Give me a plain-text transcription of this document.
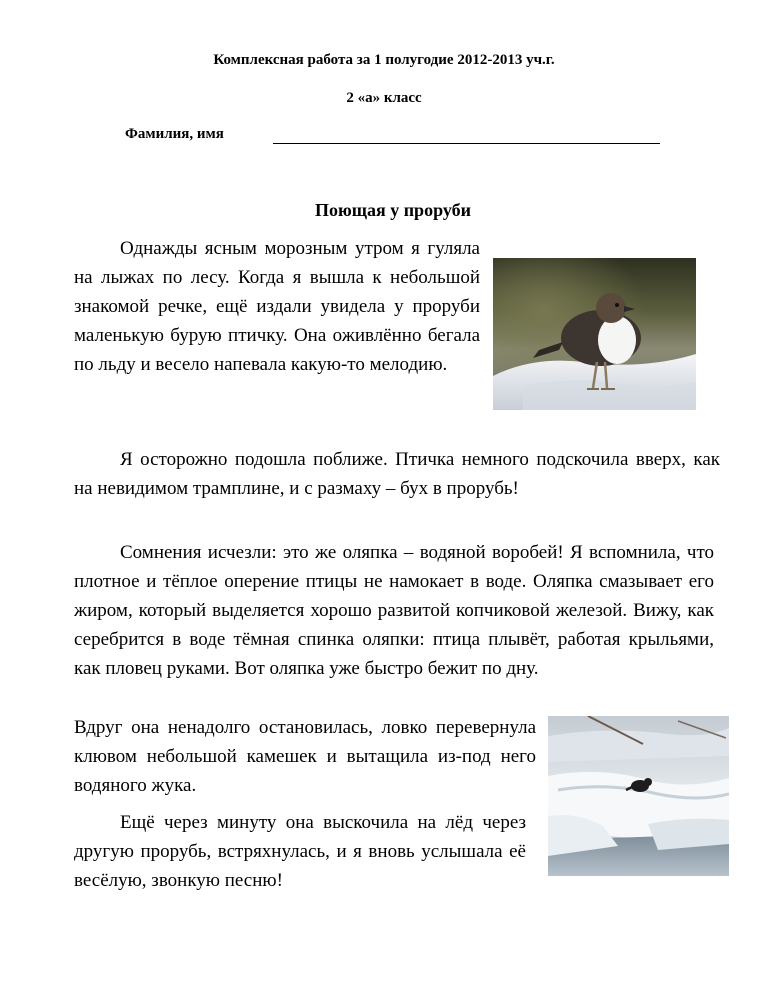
Комплексная работа за 1 полугодие 2012-2013 уч.г.
2 «а» класс
Фамилия, имя
Поющая у проруби

Однажды ясным морозным утром я гуляла на лыжах по лесу. Когда я вышла к небольшой знакомой речке, ещё издали увидела у проруби маленькую бурую птичку. Она оживлённо бегала по льду и весело напевала какую-то мелодию.

Я осторожно подошла поближе. Птичка немного подскочила вверх, как на невидимом трамплине, и с размаху – бух в прорубь!

Сомнения исчезли: это же оляпка – водяной воробей! Я вспомнила, что плотное и тёплое оперение птицы не намокает в воде. Оляпка смазывает его жиром, который выделяется хорошо развитой копчиковой железой. Вижу, как серебрится в воде тёмная спинка оляпки: птица плывёт, работая крыльями, как пловец руками. Вот оляпка уже быстро бежит по дну.

Вдруг она ненадолго остановилась, ловко перевернула клювом небольшой камешек и вытащила из-под него водяного жука.

Ещё через минуту она выскочила на лёд через другую прорубь, встряхнулась, и я вновь услышала её весёлую, звонкую песню!
